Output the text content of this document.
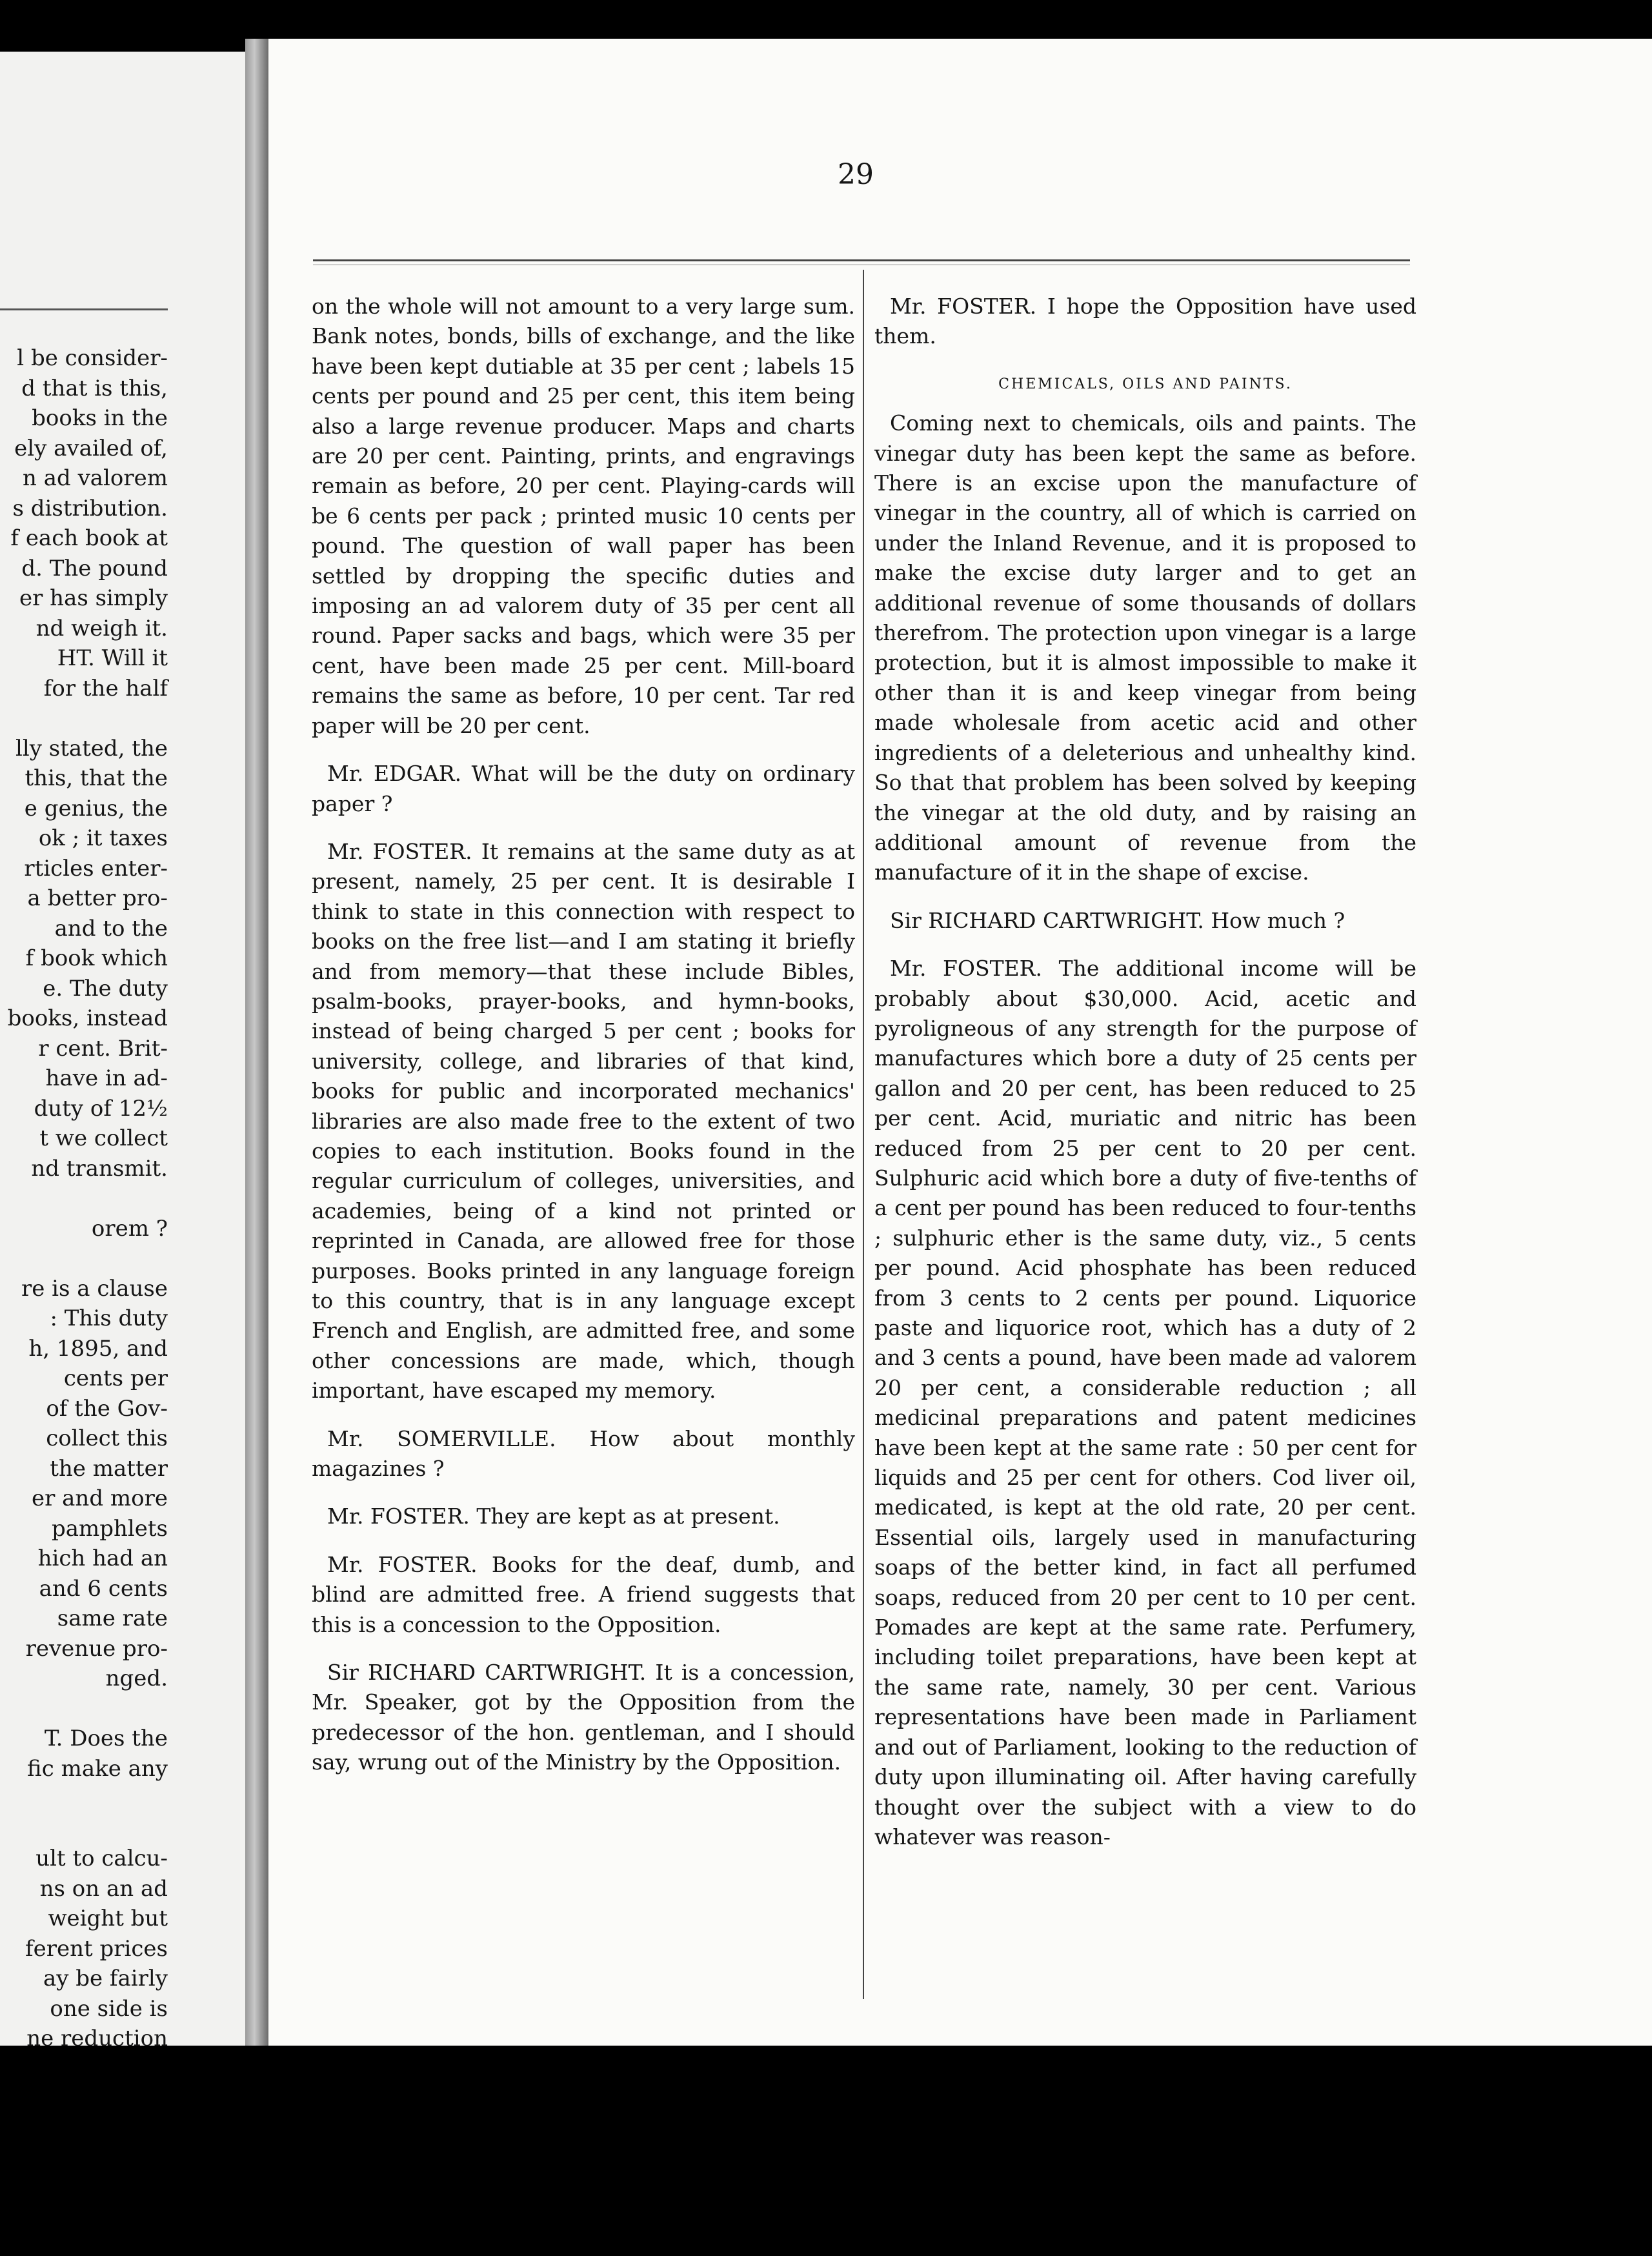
l be consider-
d that is this,
books in the
ely availed of,
n ad valorem
s distribution.
f each book at
d. The pound
er has simply
nd weigh it.
HT. Will it
for the half
lly stated, the
this, that the
e genius, the
ok ; it taxes
rticles enter-
a better pro-
and to the
f book which
e. The duty
books, instead
r cent. Brit-
have in ad-
duty of 12½
t we collect
nd transmit.
orem ?
re is a clause
: This duty
h, 1895, and
cents per
of the Gov-
collect this
the matter
er and more
pamphlets
hich had an
and 6 cents
same rate
revenue pro-
nged.
T. Does the
fic make any
ult to calcu-
ns on an ad
weight but
ferent prices
ay be fairly
one side is
ne reduction
29

on the whole will not amount to a very large sum. Bank notes, bonds, bills of exchange, and the like have been kept dutiable at 35 per cent ; labels 15 cents per pound and 25 per cent, this item being also a large revenue producer. Maps and charts are 20 per cent. Painting, prints, and engravings remain as before, 20 per cent. Playing-cards will be 6 cents per pack ; printed music 10 cents per pound. The question of wall paper has been settled by dropping the specific duties and imposing an ad valorem duty of 35 per cent all round. Paper sacks and bags, which were 35 per cent, have been made 25 per cent. Mill-board remains the same as before, 10 per cent. Tar red paper will be 20 per cent.

Mr. EDGAR. What will be the duty on ordinary paper ?

Mr. FOSTER. It remains at the same duty as at present, namely, 25 per cent. It is desirable I think to state in this connection with respect to books on the free list—and I am stating it briefly and from memory—that these include Bibles, psalm-books, prayer-books, and hymn-books, instead of being charged 5 per cent ; books for university, college, and libraries of that kind, books for public and incorporated mechanics' libraries are also made free to the extent of two copies to each institution. Books found in the regular curriculum of colleges, universities, and academies, being of a kind not printed or reprinted in Canada, are allowed free for those purposes. Books printed in any language foreign to this country, that is in any language except French and English, are admitted free, and some other concessions are made, which, though important, have escaped my memory.

Mr. SOMERVILLE. How about monthly magazines ?

Mr. FOSTER. They are kept as at present.

Mr. FOSTER. Books for the deaf, dumb, and blind are admitted free. A friend suggests that this is a concession to the Opposition.

Sir RICHARD CARTWRIGHT. It is a concession, Mr. Speaker, got by the Opposition from the predecessor of the hon. gentleman, and I should say, wrung out of the Ministry by the Opposition.

Mr. FOSTER. I hope the Opposition have used them.

CHEMICALS, OILS AND PAINTS.

Coming next to chemicals, oils and paints. The vinegar duty has been kept the same as before. There is an excise upon the manufacture of vinegar in the country, all of which is carried on under the Inland Revenue, and it is proposed to make the excise duty larger and to get an additional revenue of some thousands of dollars therefrom. The protection upon vinegar is a large protection, but it is almost impossible to make it other than it is and keep vinegar from being made wholesale from acetic acid and other ingredients of a deleterious and unhealthy kind. So that that problem has been solved by keeping the vinegar at the old duty, and by raising an additional amount of revenue from the manufacture of it in the shape of excise.

Sir RICHARD CARTWRIGHT. How much ?

Mr. FOSTER. The additional income will be probably about $30,000. Acid, acetic and pyroligneous of any strength for the purpose of manufactures which bore a duty of 25 cents per gallon and 20 per cent, has been reduced to 25 per cent. Acid, muriatic and nitric has been reduced from 25 per cent to 20 per cent. Sulphuric acid which bore a duty of five-tenths of a cent per pound has been reduced to four-tenths ; sulphuric ether is the same duty, viz., 5 cents per pound. Acid phosphate has been reduced from 3 cents to 2 cents per pound. Liquorice paste and liquorice root, which has a duty of 2 and 3 cents a pound, have been made ad valorem 20 per cent, a considerable reduction ; all medicinal preparations and patent medicines have been kept at the same rate : 50 per cent for liquids and 25 per cent for others. Cod liver oil, medicated, is kept at the old rate, 20 per cent. Essential oils, largely used in manufacturing soaps of the better kind, in fact all perfumed soaps, reduced from 20 per cent to 10 per cent. Pomades are kept at the same rate. Perfumery, including toilet preparations, have been kept at the same rate, namely, 30 per cent. Various representations have been made in Parliament and out of Parliament, looking to the reduction of duty upon illuminating oil. After having carefully thought over the subject with a view to do whatever was reason-
